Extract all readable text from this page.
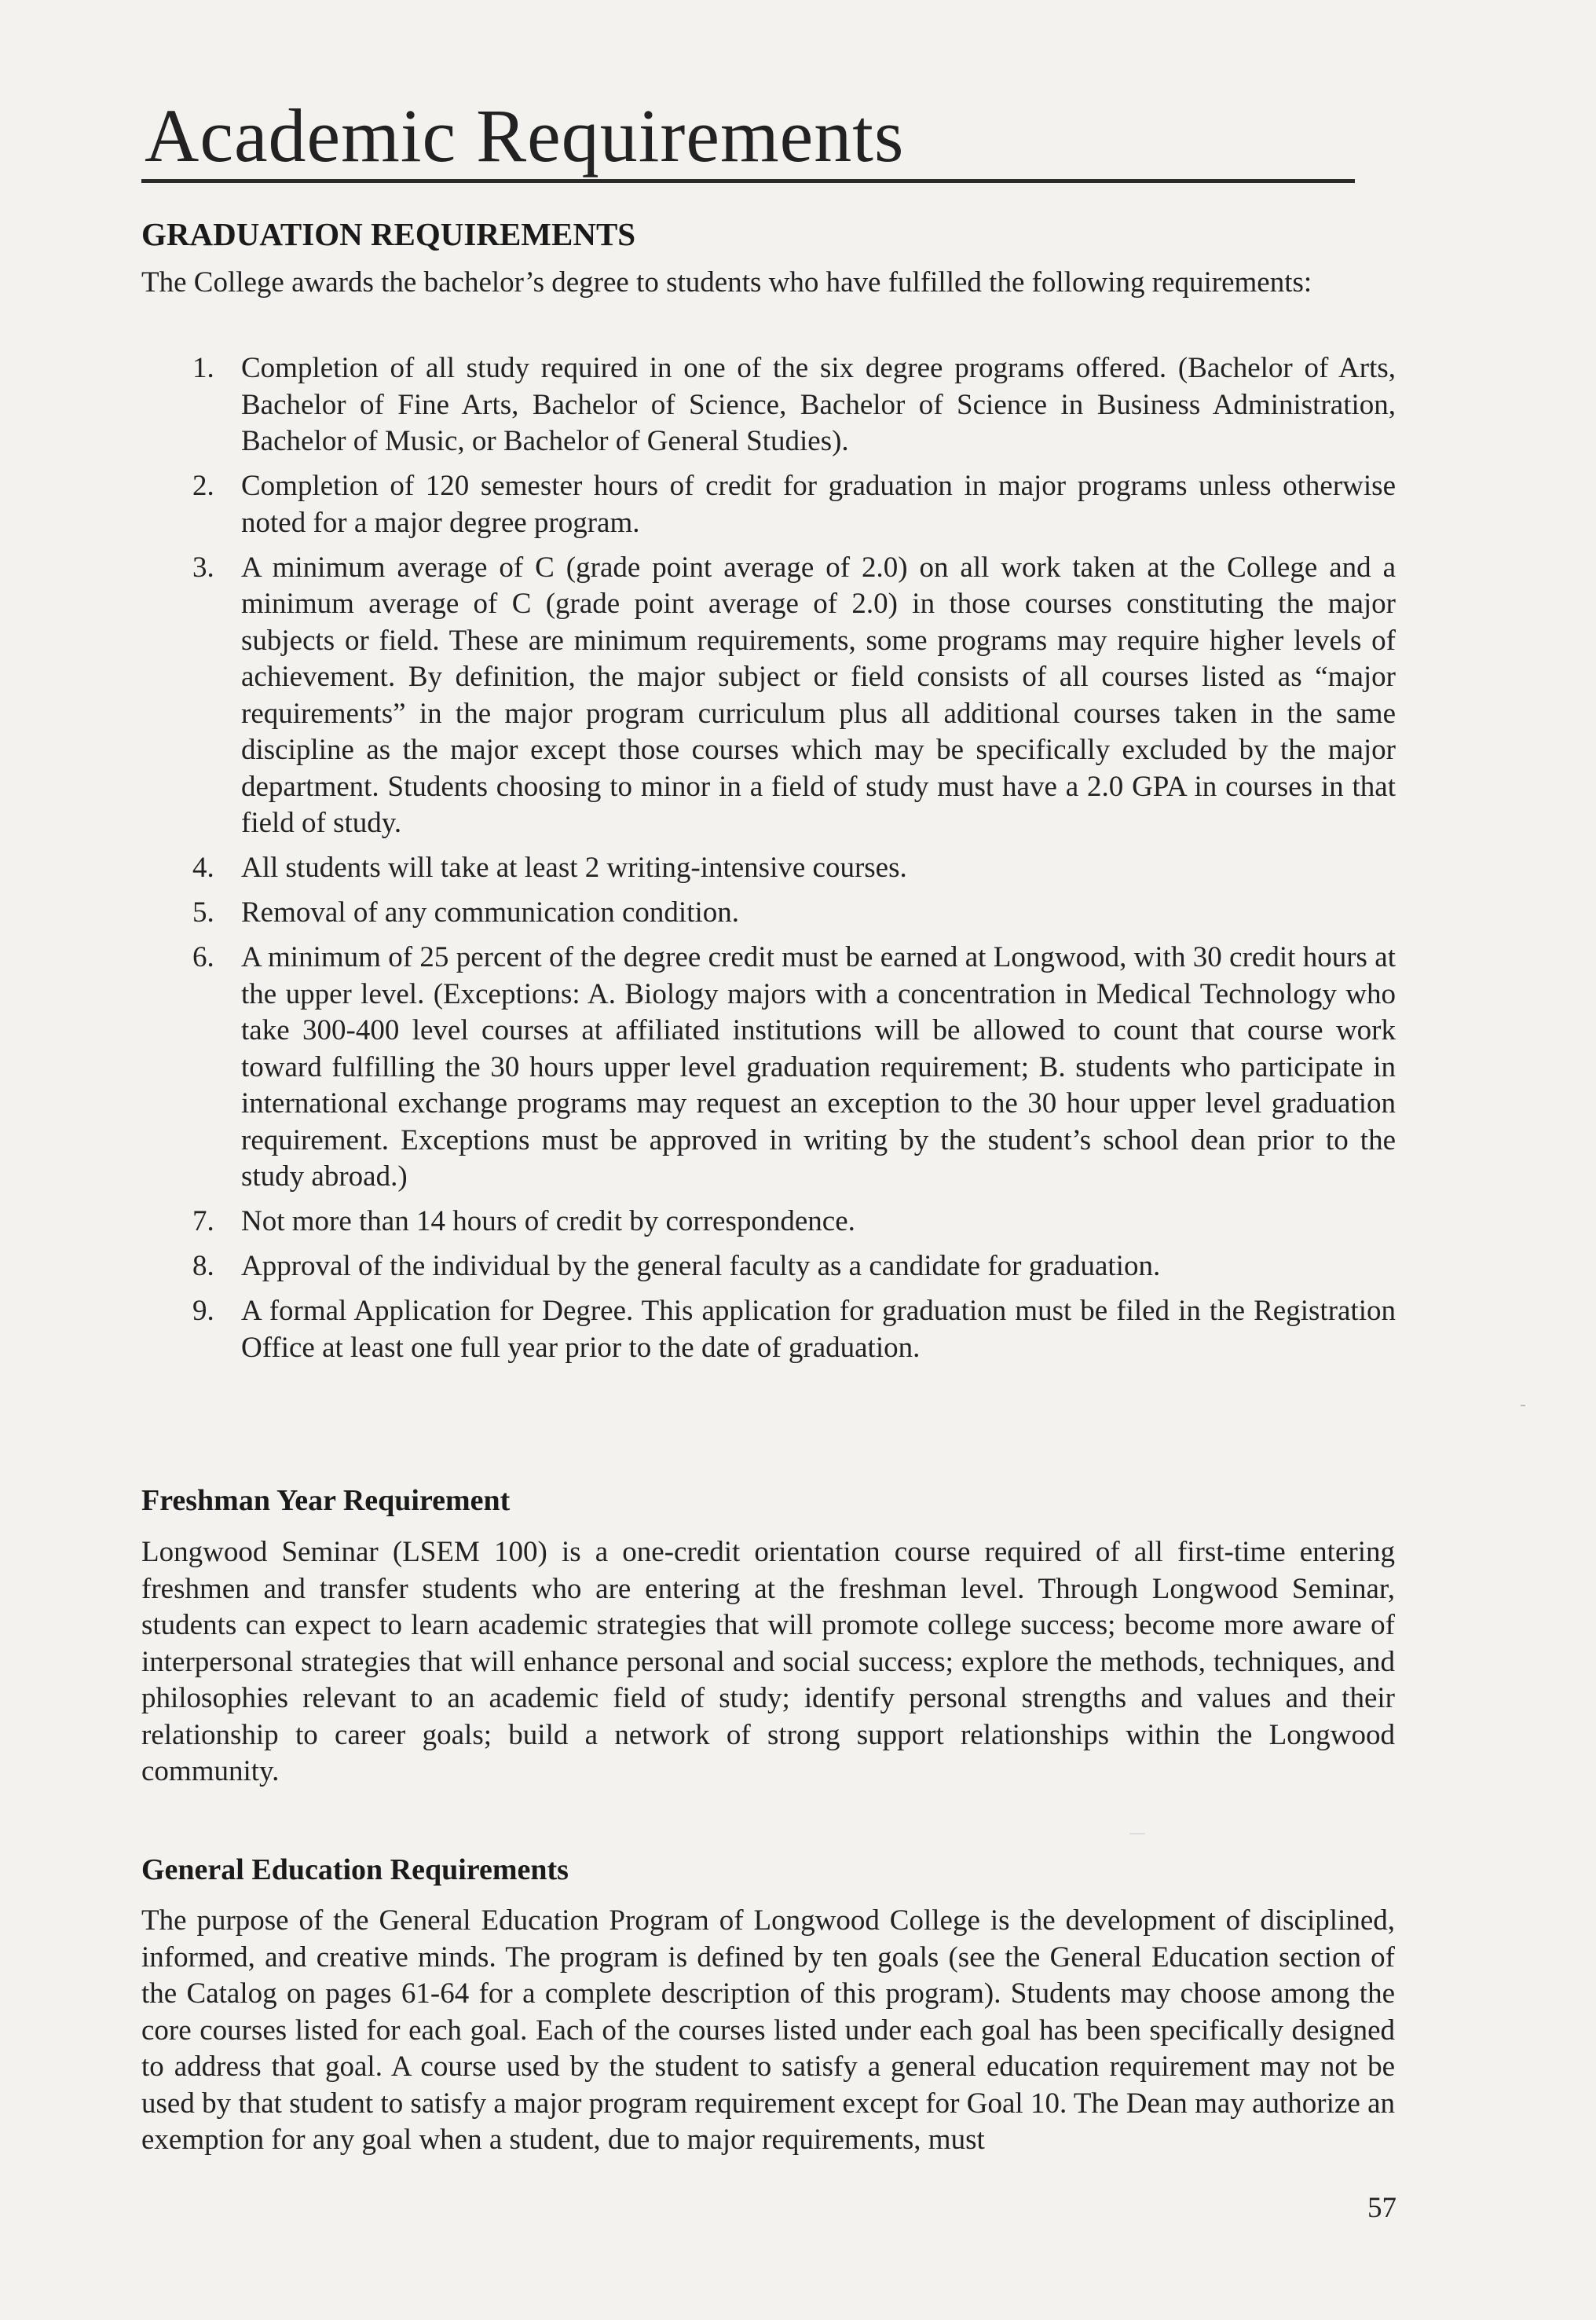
Academic Requirements
GRADUATION REQUIREMENTS

The College awards the bachelor’s degree to students who have fulfilled the following requirements:

1. Completion of all study required in one of the six degree programs offered. (Bachelor of Arts, Bachelor of Fine Arts, Bachelor of Science, Bachelor of Science in Business Administration, Bachelor of Music, or Bachelor of General Studies).
2. Completion of 120 semester hours of credit for graduation in major programs unless otherwise noted for a major degree program.
3. A minimum average of C (grade point average of 2.0) on all work taken at the College and a minimum average of C (grade point average of 2.0) in those courses constituting the major subjects or field. These are minimum requirements, some programs may require higher levels of achievement. By definition, the major subject or field consists of all courses listed as “major requirements” in the major program curriculum plus all additional courses taken in the same discipline as the major except those courses which may be specifically excluded by the major department. Students choosing to minor in a field of study must have a 2.0 GPA in courses in that field of study.
4. All students will take at least 2 writing-intensive courses.
5. Removal of any communication condition.
6. A minimum of 25 percent of the degree credit must be earned at Longwood, with 30 credit hours at the upper level. (Exceptions: A. Biology majors with a concentration in Medical Technology who take 300-400 level courses at affiliated institutions will be allowed to count that course work toward fulfilling the 30 hours upper level graduation requirement; B. students who participate in international exchange programs may request an exception to the 30 hour upper level graduation requirement. Exceptions must be approved in writing by the student’s school dean prior to the study abroad.)
7. Not more than 14 hours of credit by correspondence.
8. Approval of the individual by the general faculty as a candidate for graduation.
9. A formal Application for Degree. This application for graduation must be filed in the Registration Office at least one full year prior to the date of graduation.
Freshman Year Requirement

Longwood Seminar (LSEM 100) is a one-credit orientation course required of all first-time entering freshmen and transfer students who are entering at the freshman level. Through Longwood Seminar, students can expect to learn academic strategies that will promote college success; become more aware of interpersonal strategies that will enhance personal and social success; explore the methods, techniques, and philosophies relevant to an academic field of study; identify personal strengths and values and their relationship to career goals; build a network of strong support relationships within the Longwood community.

General Education Requirements

The purpose of the General Education Program of Longwood College is the development of disciplined, informed, and creative minds. The program is defined by ten goals (see the General Education section of the Catalog on pages 61-64 for a complete description of this program). Students may choose among the core courses listed for each goal. Each of the courses listed under each goal has been specifically designed to address that goal. A course used by the student to satisfy a general education requirement may not be used by that student to satisfy a major program requirement except for Goal 10. The Dean may authorize an exemption for any goal when a student, due to major requirements, must

57
